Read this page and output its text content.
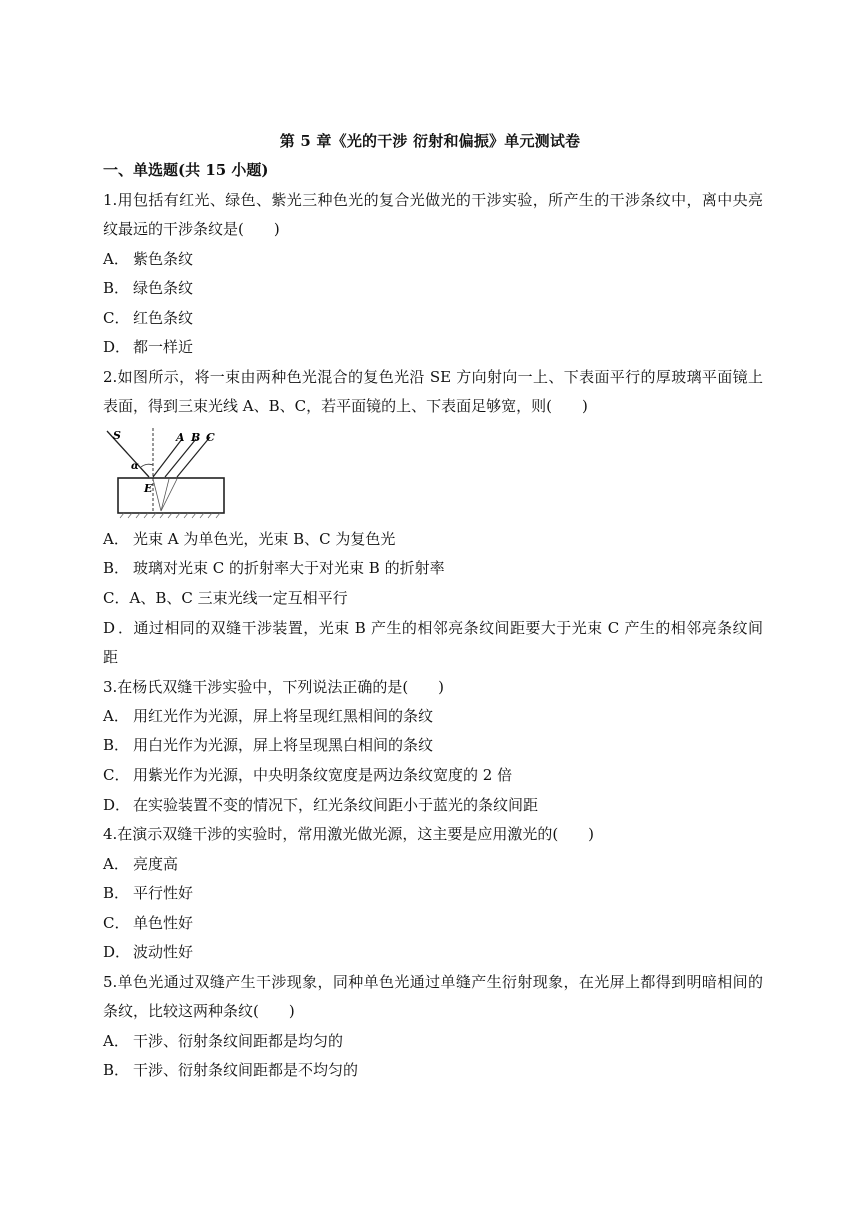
第 5 章《光的干涉 衍射和偏振》单元测试卷
一、单选题(共 15 小题)
1.用包括有红光、绿色、紫光三种色光的复合光做光的干涉实验，所产生的干涉条纹中，离中央亮
纹最远的干涉条纹是(　　)
A． 紫色条纹
B． 绿色条纹
C． 红色条纹
D． 都一样近
2.如图所示，将一束由两种色光混合的复色光沿 SE 方向射向一上、下表面平行的厚玻璃平面镜上
表面，得到三束光线 A、B、C，若平面镜的上、下表面足够宽，则(　　)
S	A B C
α
E
A． 光束 A 为单色光，光束 B、C 为复色光
B． 玻璃对光束 C 的折射率大于对光束 B 的折射率
C．A、B、C 三束光线一定互相平行
D．通过相同的双缝干涉装置，光束 B 产生的相邻亮条纹间距要大于光束 C 产生的相邻亮条纹间
距
3.在杨氏双缝干涉实验中，下列说法正确的是(　　)
A． 用红光作为光源，屏上将呈现红黑相间的条纹
B． 用白光作为光源，屏上将呈现黑白相间的条纹
C． 用紫光作为光源，中央明条纹宽度是两边条纹宽度的 2 倍
D． 在实验装置不变的情况下，红光条纹间距小于蓝光的条纹间距
4.在演示双缝干涉的实验时，常用激光做光源，这主要是应用激光的(　　)
A． 亮度高
B． 平行性好
C． 单色性好
D． 波动性好
5.单色光通过双缝产生干涉现象，同种单色光通过单缝产生衍射现象，在光屏上都得到明暗相间的
条纹，比较这两种条纹(　　)
A． 干涉、衍射条纹间距都是均匀的
B． 干涉、衍射条纹间距都是不均匀的
